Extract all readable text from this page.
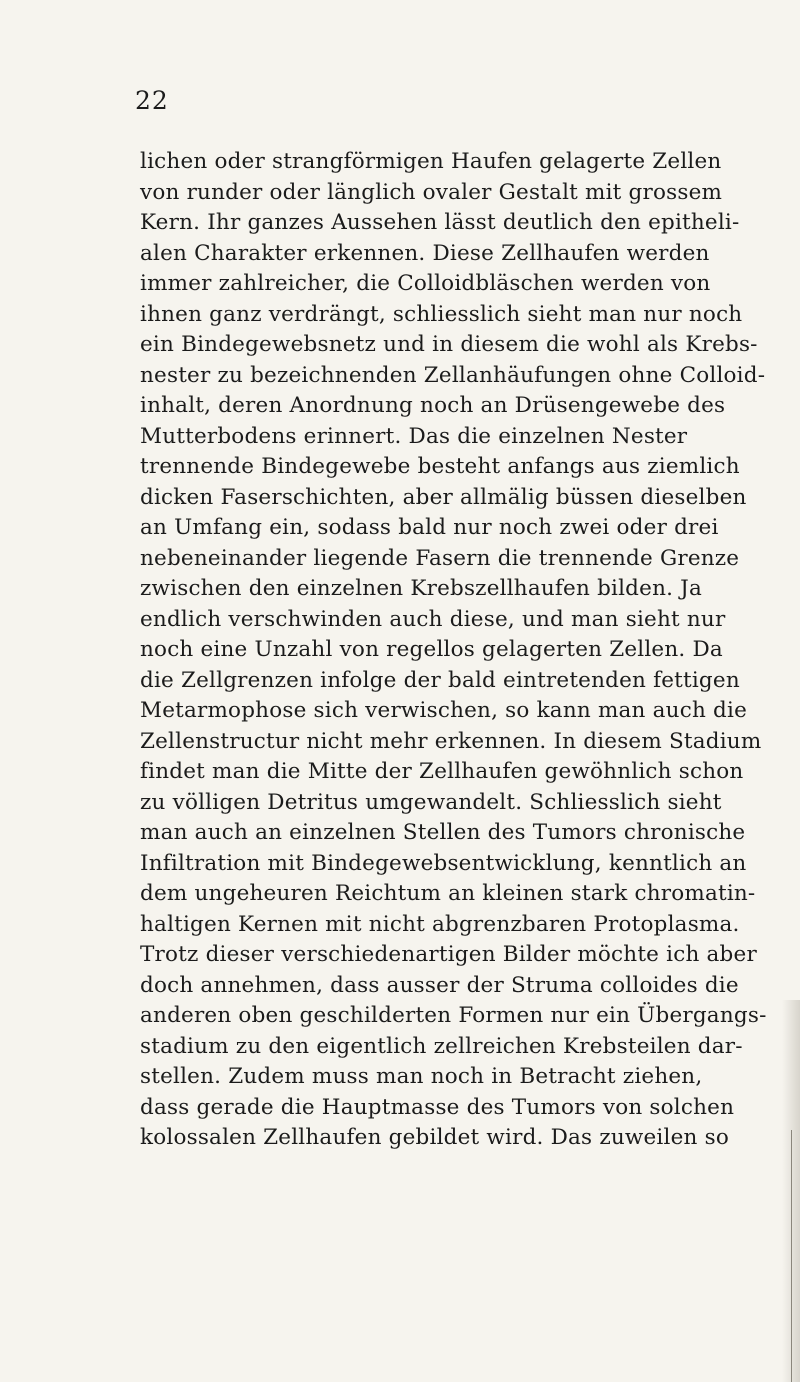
22
lichen oder strangförmigen Haufen gelagerte Zellen
von runder oder länglich ovaler Gestalt mit grossem
Kern. Ihr ganzes Aussehen lässt deutlich den epitheli-
alen Charakter erkennen. Diese Zellhaufen werden
immer zahlreicher, die Colloidbläschen werden von
ihnen ganz verdrängt, schliesslich sieht man nur noch
ein Bindegewebsnetz und in diesem die wohl als Krebs-
nester zu bezeichnenden Zellanhäufungen ohne Colloid-
inhalt, deren Anordnung noch an Drüsengewebe des
Mutterbodens erinnert. Das die einzelnen Nester
trennende Bindegewebe besteht anfangs aus ziemlich
dicken Faserschichten, aber allmälig büssen dieselben
an Umfang ein, sodass bald nur noch zwei oder drei
nebeneinander liegende Fasern die trennende Grenze
zwischen den einzelnen Krebszellhaufen bilden. Ja
endlich verschwinden auch diese, und man sieht nur
noch eine Unzahl von regellos gelagerten Zellen. Da
die Zellgrenzen infolge der bald eintretenden fettigen
Metarmophose sich verwischen, so kann man auch die
Zellenstructur nicht mehr erkennen. In diesem Stadium
findet man die Mitte der Zellhaufen gewöhnlich schon
zu völligen Detritus umgewandelt. Schliesslich sieht
man auch an einzelnen Stellen des Tumors chronische
Infiltration mit Bindegewebsentwicklung, kenntlich an
dem ungeheuren Reichtum an kleinen stark chromatin-
haltigen Kernen mit nicht abgrenzbaren Protoplasma.
Trotz dieser verschiedenartigen Bilder möchte ich aber
doch annehmen, dass ausser der Struma colloides die
anderen oben geschilderten Formen nur ein Übergangs-
stadium zu den eigentlich zellreichen Krebsteilen dar-
stellen. Zudem muss man noch in Betracht ziehen,
dass gerade die Hauptmasse des Tumors von solchen
kolossalen Zellhaufen gebildet wird. Das zuweilen so
